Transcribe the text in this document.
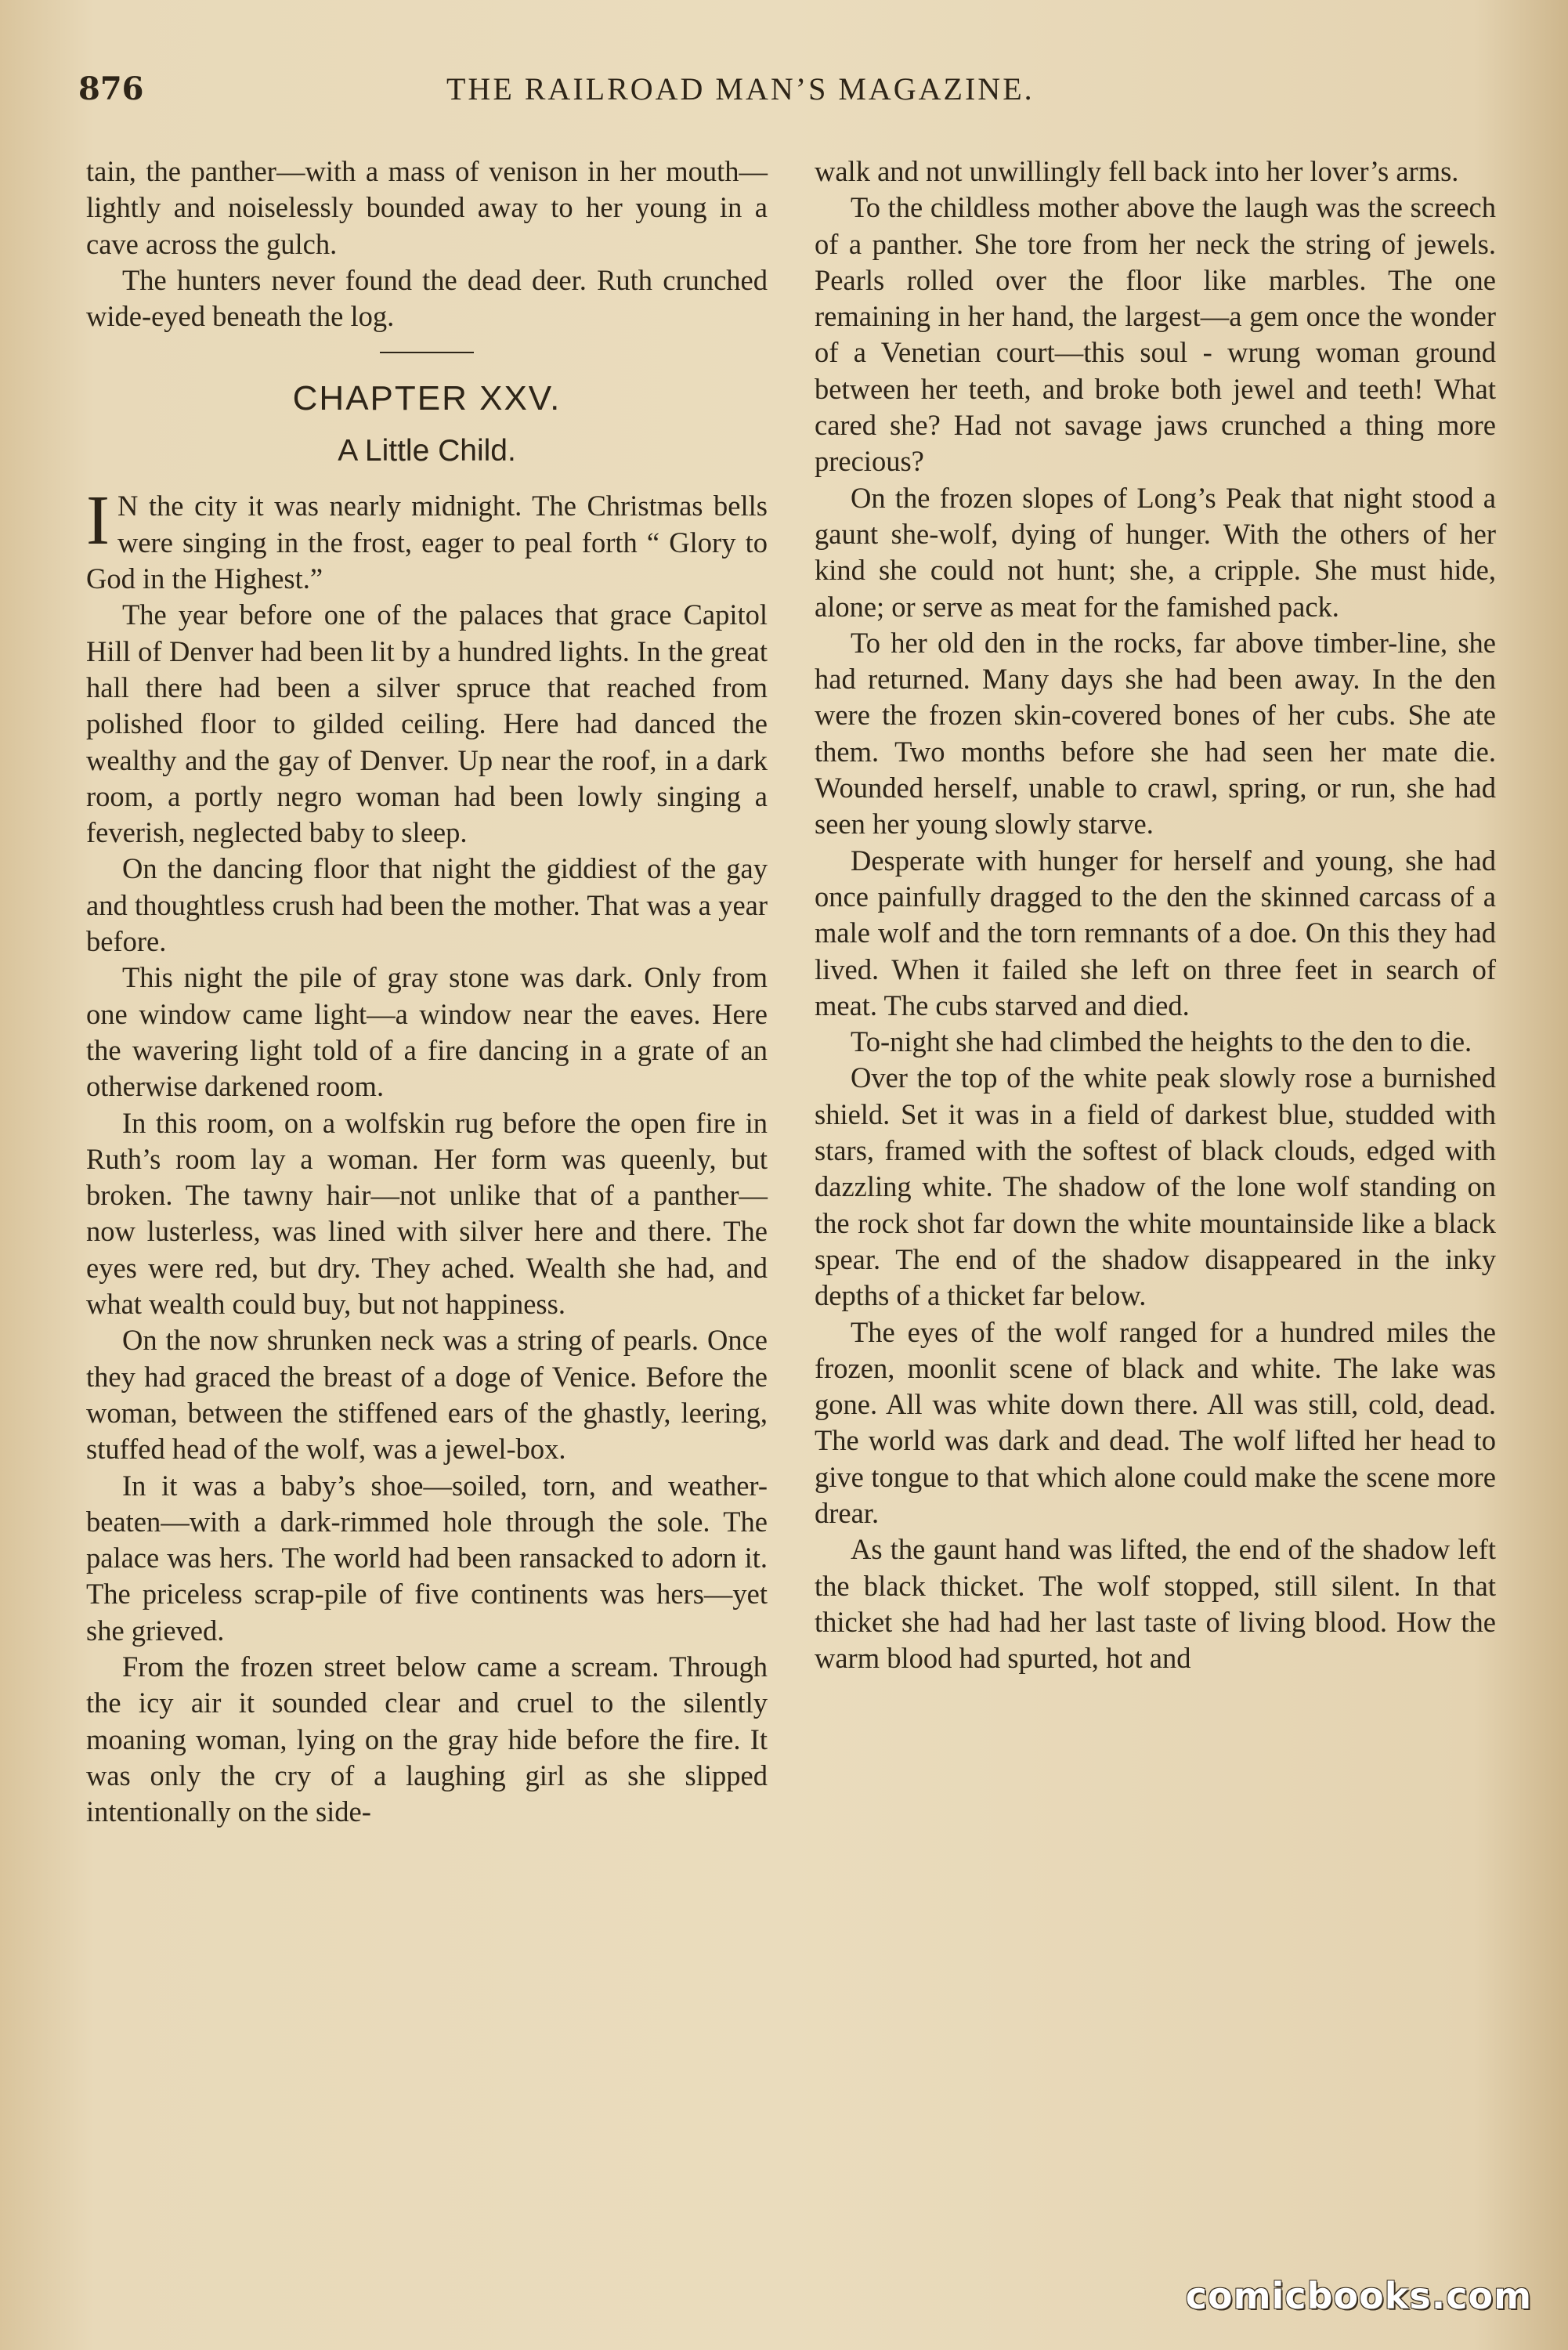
876	THE RAILROAD MAN’S MAGAZINE.

tain, the panther—with a mass of venison in her mouth—lightly and noiselessly bounded away to her young in a cave across the gulch.

The hunters never found the dead deer. Ruth crunched wide-eyed beneath the log.

CHAPTER XXV.
A Little Child.

I N the city it was nearly midnight. The Christmas bells were singing in the frost, eager to peal forth “ Glory to God in the Highest.”

The year before one of the palaces that grace Capitol Hill of Denver had been lit by a hundred lights. In the great hall there had been a silver spruce that reached from polished floor to gilded ceiling. Here had danced the wealthy and the gay of Denver. Up near the roof, in a dark room, a portly negro woman had been lowly singing a feverish, neglected baby to sleep.

On the dancing floor that night the giddiest of the gay and thoughtless crush had been the mother. That was a year before.

This night the pile of gray stone was dark. Only from one window came light—a window near the eaves. Here the wavering light told of a fire dancing in a grate of an otherwise darkened room.

In this room, on a wolfskin rug before the open fire in Ruth’s room lay a woman. Her form was queenly, but broken. The tawny hair—not unlike that of a panther—now lusterless, was lined with silver here and there. The eyes were red, but dry. They ached. Wealth she had, and what wealth could buy, but not happiness.

On the now shrunken neck was a string of pearls. Once they had graced the breast of a doge of Venice. Before the woman, between the stiffened ears of the ghastly, leering, stuffed head of the wolf, was a jewel-box.

In it was a baby’s shoe—soiled, torn, and weather-beaten—with a dark-rimmed hole through the sole. The palace was hers. The world had been ransacked to adorn it. The priceless scrap-pile of five continents was hers—yet she grieved.

From the frozen street below came a scream. Through the icy air it sounded clear and cruel to the silently moaning woman, lying on the gray hide before the fire. It was only the cry of a laughing girl as she slipped intentionally on the side-

walk and not unwillingly fell back into her lover’s arms.

To the childless mother above the laugh was the screech of a panther. She tore from her neck the string of jewels. Pearls rolled over the floor like marbles. The one remaining in her hand, the largest—a gem once the wonder of a Venetian court—this soul - wrung woman ground between her teeth, and broke both jewel and teeth! What cared she? Had not savage jaws crunched a thing more precious?

On the frozen slopes of Long’s Peak that night stood a gaunt she-wolf, dying of hunger. With the others of her kind she could not hunt; she, a cripple. She must hide, alone; or serve as meat for the famished pack.

To her old den in the rocks, far above timber-line, she had returned. Many days she had been away. In the den were the frozen skin-covered bones of her cubs. She ate them. Two months before she had seen her mate die. Wounded herself, unable to crawl, spring, or run, she had seen her young slowly starve.

Desperate with hunger for herself and young, she had once painfully dragged to the den the skinned carcass of a male wolf and the torn remnants of a doe. On this they had lived. When it failed she left on three feet in search of meat. The cubs starved and died.

To-night she had climbed the heights to the den to die.

Over the top of the white peak slowly rose a burnished shield. Set it was in a field of darkest blue, studded with stars, framed with the softest of black clouds, edged with dazzling white. The shadow of the lone wolf standing on the rock shot far down the white mountainside like a black spear. The end of the shadow disappeared in the inky depths of a thicket far below.

The eyes of the wolf ranged for a hundred miles the frozen, moonlit scene of black and white. The lake was gone. All was white down there. All was still, cold, dead. The world was dark and dead. The wolf lifted her head to give tongue to that which alone could make the scene more drear.

As the gaunt hand was lifted, the end of the shadow left the black thicket. The wolf stopped, still silent. In that thicket she had had her last taste of living blood. How the warm blood had spurted, hot and

comicbooks.com
